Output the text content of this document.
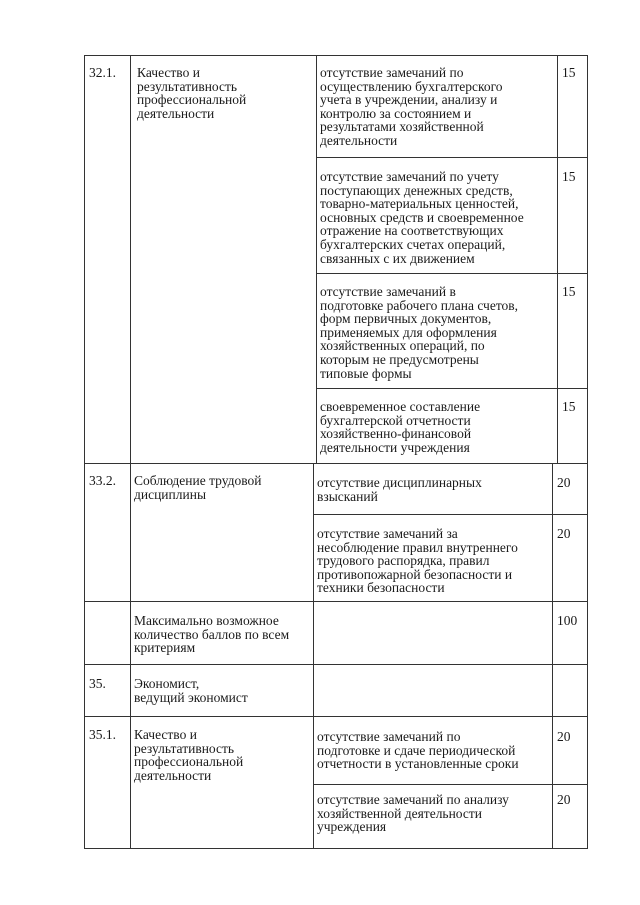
32.1. Качество и
результативность
профессиональной
деятельности
отсутствие замечаний по
осуществлению бухгалтерского
учета в учреждении, анализу и
контролю за состоянием и
результатами хозяйственной
деятельности
15
отсутствие замечаний по учету
поступающих денежных средств,
товарно-материальных ценностей,
основных средств и своевременное
отражение на соответствующих
бухгалтерских счетах операций,
связанных с их движением
15
отсутствие замечаний в
подготовке рабочего плана счетов,
форм первичных документов,
применяемых для оформления
хозяйственных операций, по
которым не предусмотрены
типовые формы
15
своевременное составление
бухгалтерской отчетности
хозяйственно-финансовой
деятельности учреждения
15
33.2. Соблюдение трудовой
дисциплины
отсутствие дисциплинарных
взысканий
20
отсутствие замечаний за
несоблюдение правил внутреннего
трудового распорядка, правил
противопожарной безопасности и
техники безопасности
20
Максимально возможное
количество баллов по всем
критериям
100
35. Экономист,
ведущий экономист
35.1. Качество и
результативность
профессиональной
деятельности
отсутствие замечаний по
подготовке и сдаче периодической
отчетности в установленные сроки
20
отсутствие замечаний по анализу
хозяйственной деятельности
учреждения
20
